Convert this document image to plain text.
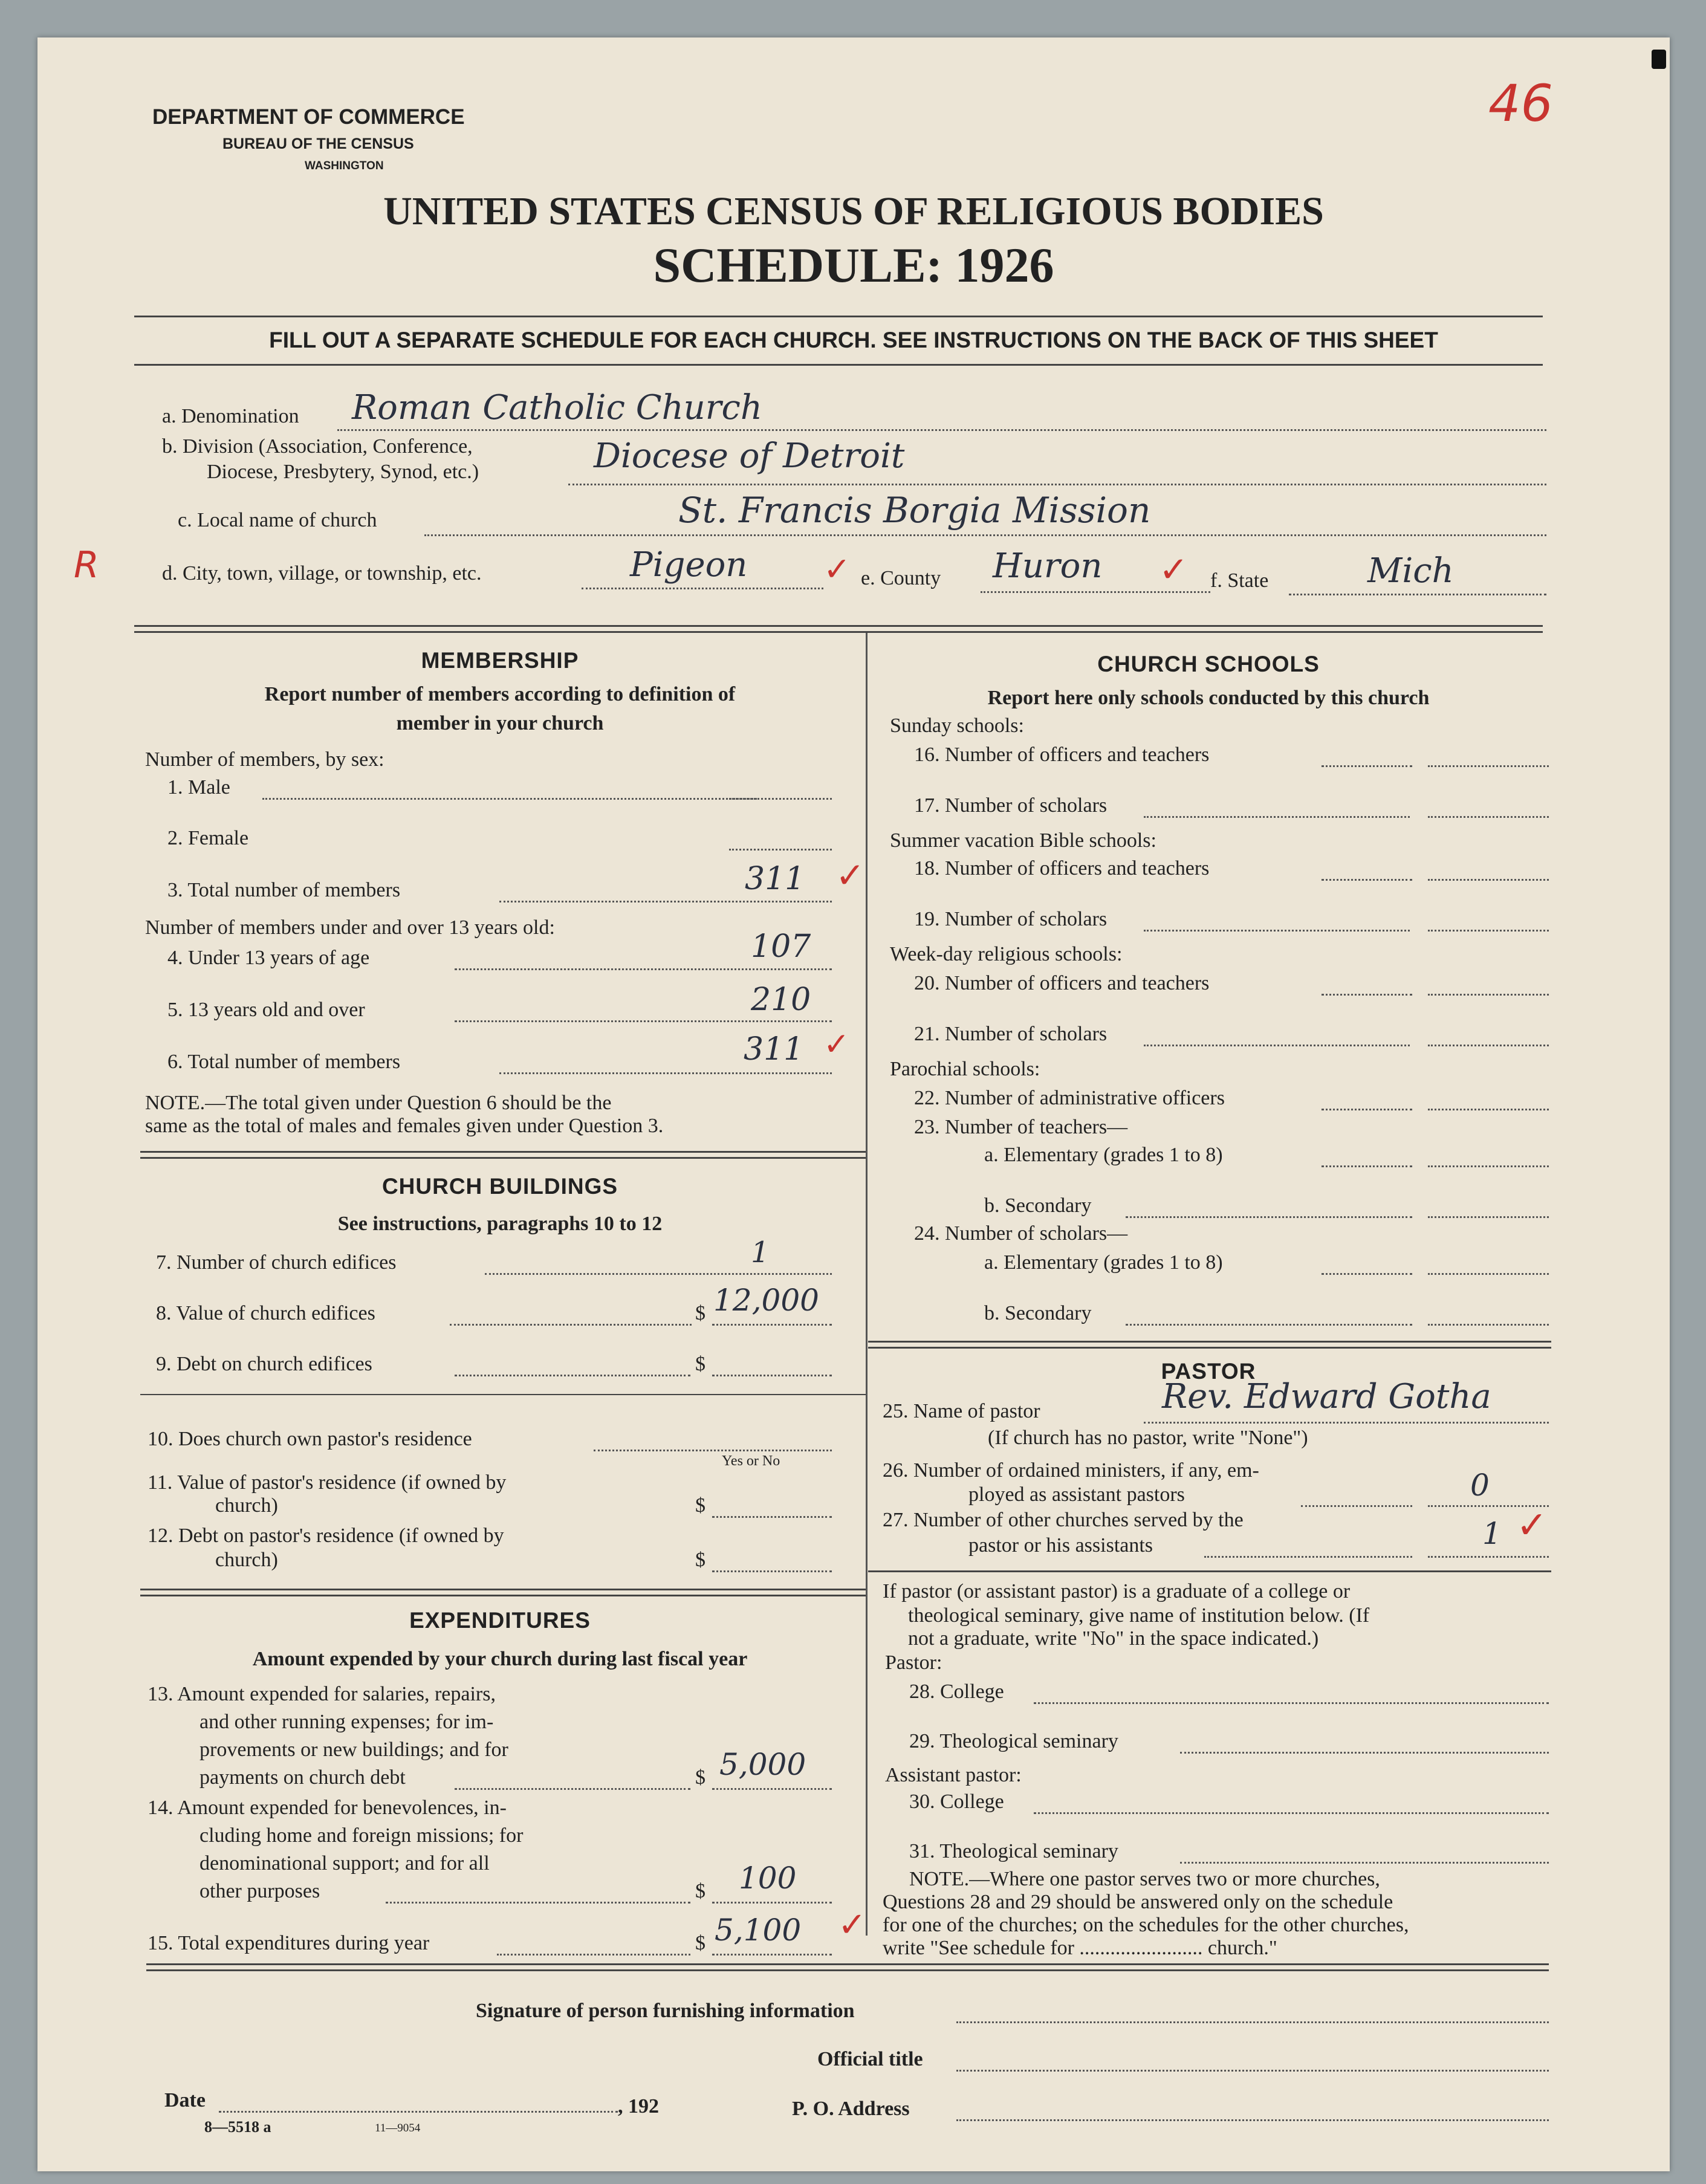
DEPARTMENT OF COMMERCE
BUREAU OF THE CENSUS
WASHINGTON
46
UNITED STATES CENSUS OF RELIGIOUS BODIES
SCHEDULE: 1926
FILL OUT A SEPARATE SCHEDULE FOR EACH CHURCH. SEE INSTRUCTIONS ON THE BACK OF THIS SHEET
a. Denomination Roman Catholic Church
b. Division (Association, Conference,
Diocese, Presbytery, Synod, etc.)	Diocese of Detroit
c. Local name of church	St. Francis Borgia Mission
R	d. City, town, village, or township, etc.	Pigeon ✓ e. County Huron ✓ f. State	Mich
MEMBERSHIP
Report number of members according to definition of
member in your church
Number of members, by sex:
1. Male
2. Female
3. Total number of members	311 ✓
Number of members under and over 13 years old:
4. Under 13 years of age	107
5. 13 years old and over	210
6. Total number of members	311 ✓
NOTE.—The total given under Question 6 should be the
same as the total of males and females given under Question 3.
CHURCH BUILDINGS
See instructions, paragraphs 10 to 12
7. Number of church edifices	1
8. Value of church edifices	$ 12,000
9. Debt on church edifices	$
10. Does church own pastor's residence
Yes or No
11. Value of pastor's residence (if owned by
church)	$
12. Debt on pastor's residence (if owned by
church)	$
EXPENDITURES
Amount expended by your church during last fiscal year
13. Amount expended for salaries, repairs,
and other running expenses; for im-
provements or new buildings; and for
payments on church debt	$ 5,000
14. Amount expended for benevolences, in-
cluding home and foreign missions; for
denominational support; and for all
other purposes	$ 100
15. Total expenditures during year	$ 5,100 ✓
CHURCH SCHOOLS
Report here only schools conducted by this church
Sunday schools:
16. Number of officers and teachers
17. Number of scholars
Summer vacation Bible schools:
18. Number of officers and teachers
19. Number of scholars
Week-day religious schools:
20. Number of officers and teachers
21. Number of scholars
Parochial schools:
22. Number of administrative officers
23. Number of teachers—
a. Elementary (grades 1 to 8)
b. Secondary
24. Number of scholars—
a. Elementary (grades 1 to 8)
b. Secondary
PASTOR
25. Name of pastor	Rev. Edward Gotha
(If church has no pastor, write "None")
26. Number of ordained ministers, if any, em-
ployed as assistant pastors	0
27. Number of other churches served by the
pastor or his assistants	1 ✓
If pastor (or assistant pastor) is a graduate of a college or
theological seminary, give name of institution below. (If
not a graduate, write "No" in the space indicated.)
Pastor:
28. College
29. Theological seminary
Assistant pastor:
30. College
31. Theological seminary
NOTE.—Where one pastor serves two or more churches,
Questions 28 and 29 should be answered only on the schedule
for one of the churches; on the schedules for the other churches,
write "See schedule for ........................ church."
Signature of person furnishing information
Official title
Date	, 192	P. O. Address
8—5518 a	11—9054
